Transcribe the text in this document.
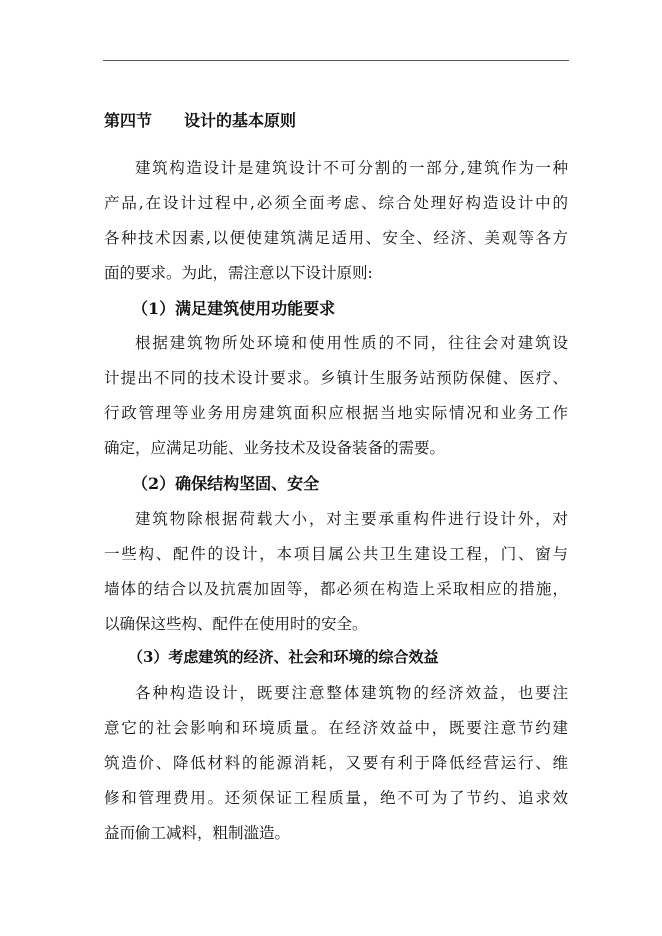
第四节 设计的基本原则
建筑构造设计是建筑设计不可分割的一部分,建筑作为一种
产品,在设计过程中,必须全面考虑、综合处理好构造设计中的
各种技术因素,以便使建筑满足适用、安全、经济、美观等各方
面的要求。为此，需注意以下设计原则:
（1）满足建筑使用功能要求
根据建筑物所处环境和使用性质的不同，往往会对建筑设
计提出不同的技术设计要求。乡镇计生服务站预防保健、医疗、
行政管理等业务用房建筑面积应根据当地实际情况和业务工作
确定，应满足功能、业务技术及设备装备的需要。
（2）确保结构坚固、安全
建筑物除根据荷载大小，对主要承重构件进行设计外，对
一些构、配件的设计，本项目属公共卫生建设工程，门、窗与
墙体的结合以及抗震加固等，都必须在构造上采取相应的措施，
以确保这些构、配件在使用时的安全。
（3）考虑建筑的经济、社会和环境的综合效益
各种构造设计，既要注意整体建筑物的经济效益，也要注
意它的社会影响和环境质量。在经济效益中，既要注意节约建
筑造价、降低材料的能源消耗，又要有利于降低经营运行、维
修和管理费用。还须保证工程质量，绝不可为了节约、追求效
益而偷工减料，粗制滥造。
